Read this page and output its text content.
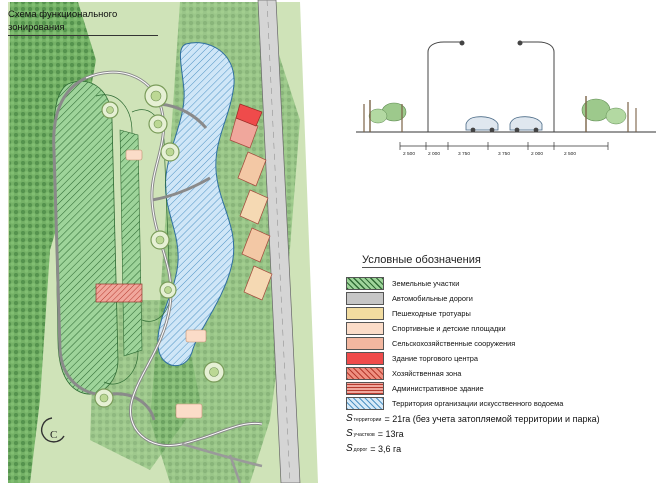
С
Схема функционального зонирования
2 500	2 000	3 750	3 750	2 000	2 500
Условные обозначения
Земельные участки
Автомобильные дороги
Пешеходные тротуары
Спортивные и детские площадки
Сельскохозяйственные сооружения
Здание торгового центра
Хозяйственная зона
Административное здание
Территория организации искусственного водоема
S территории = 21га (без учета затопляемой территории и парка)
S участков = 13га
S дорог = 3,6 га
